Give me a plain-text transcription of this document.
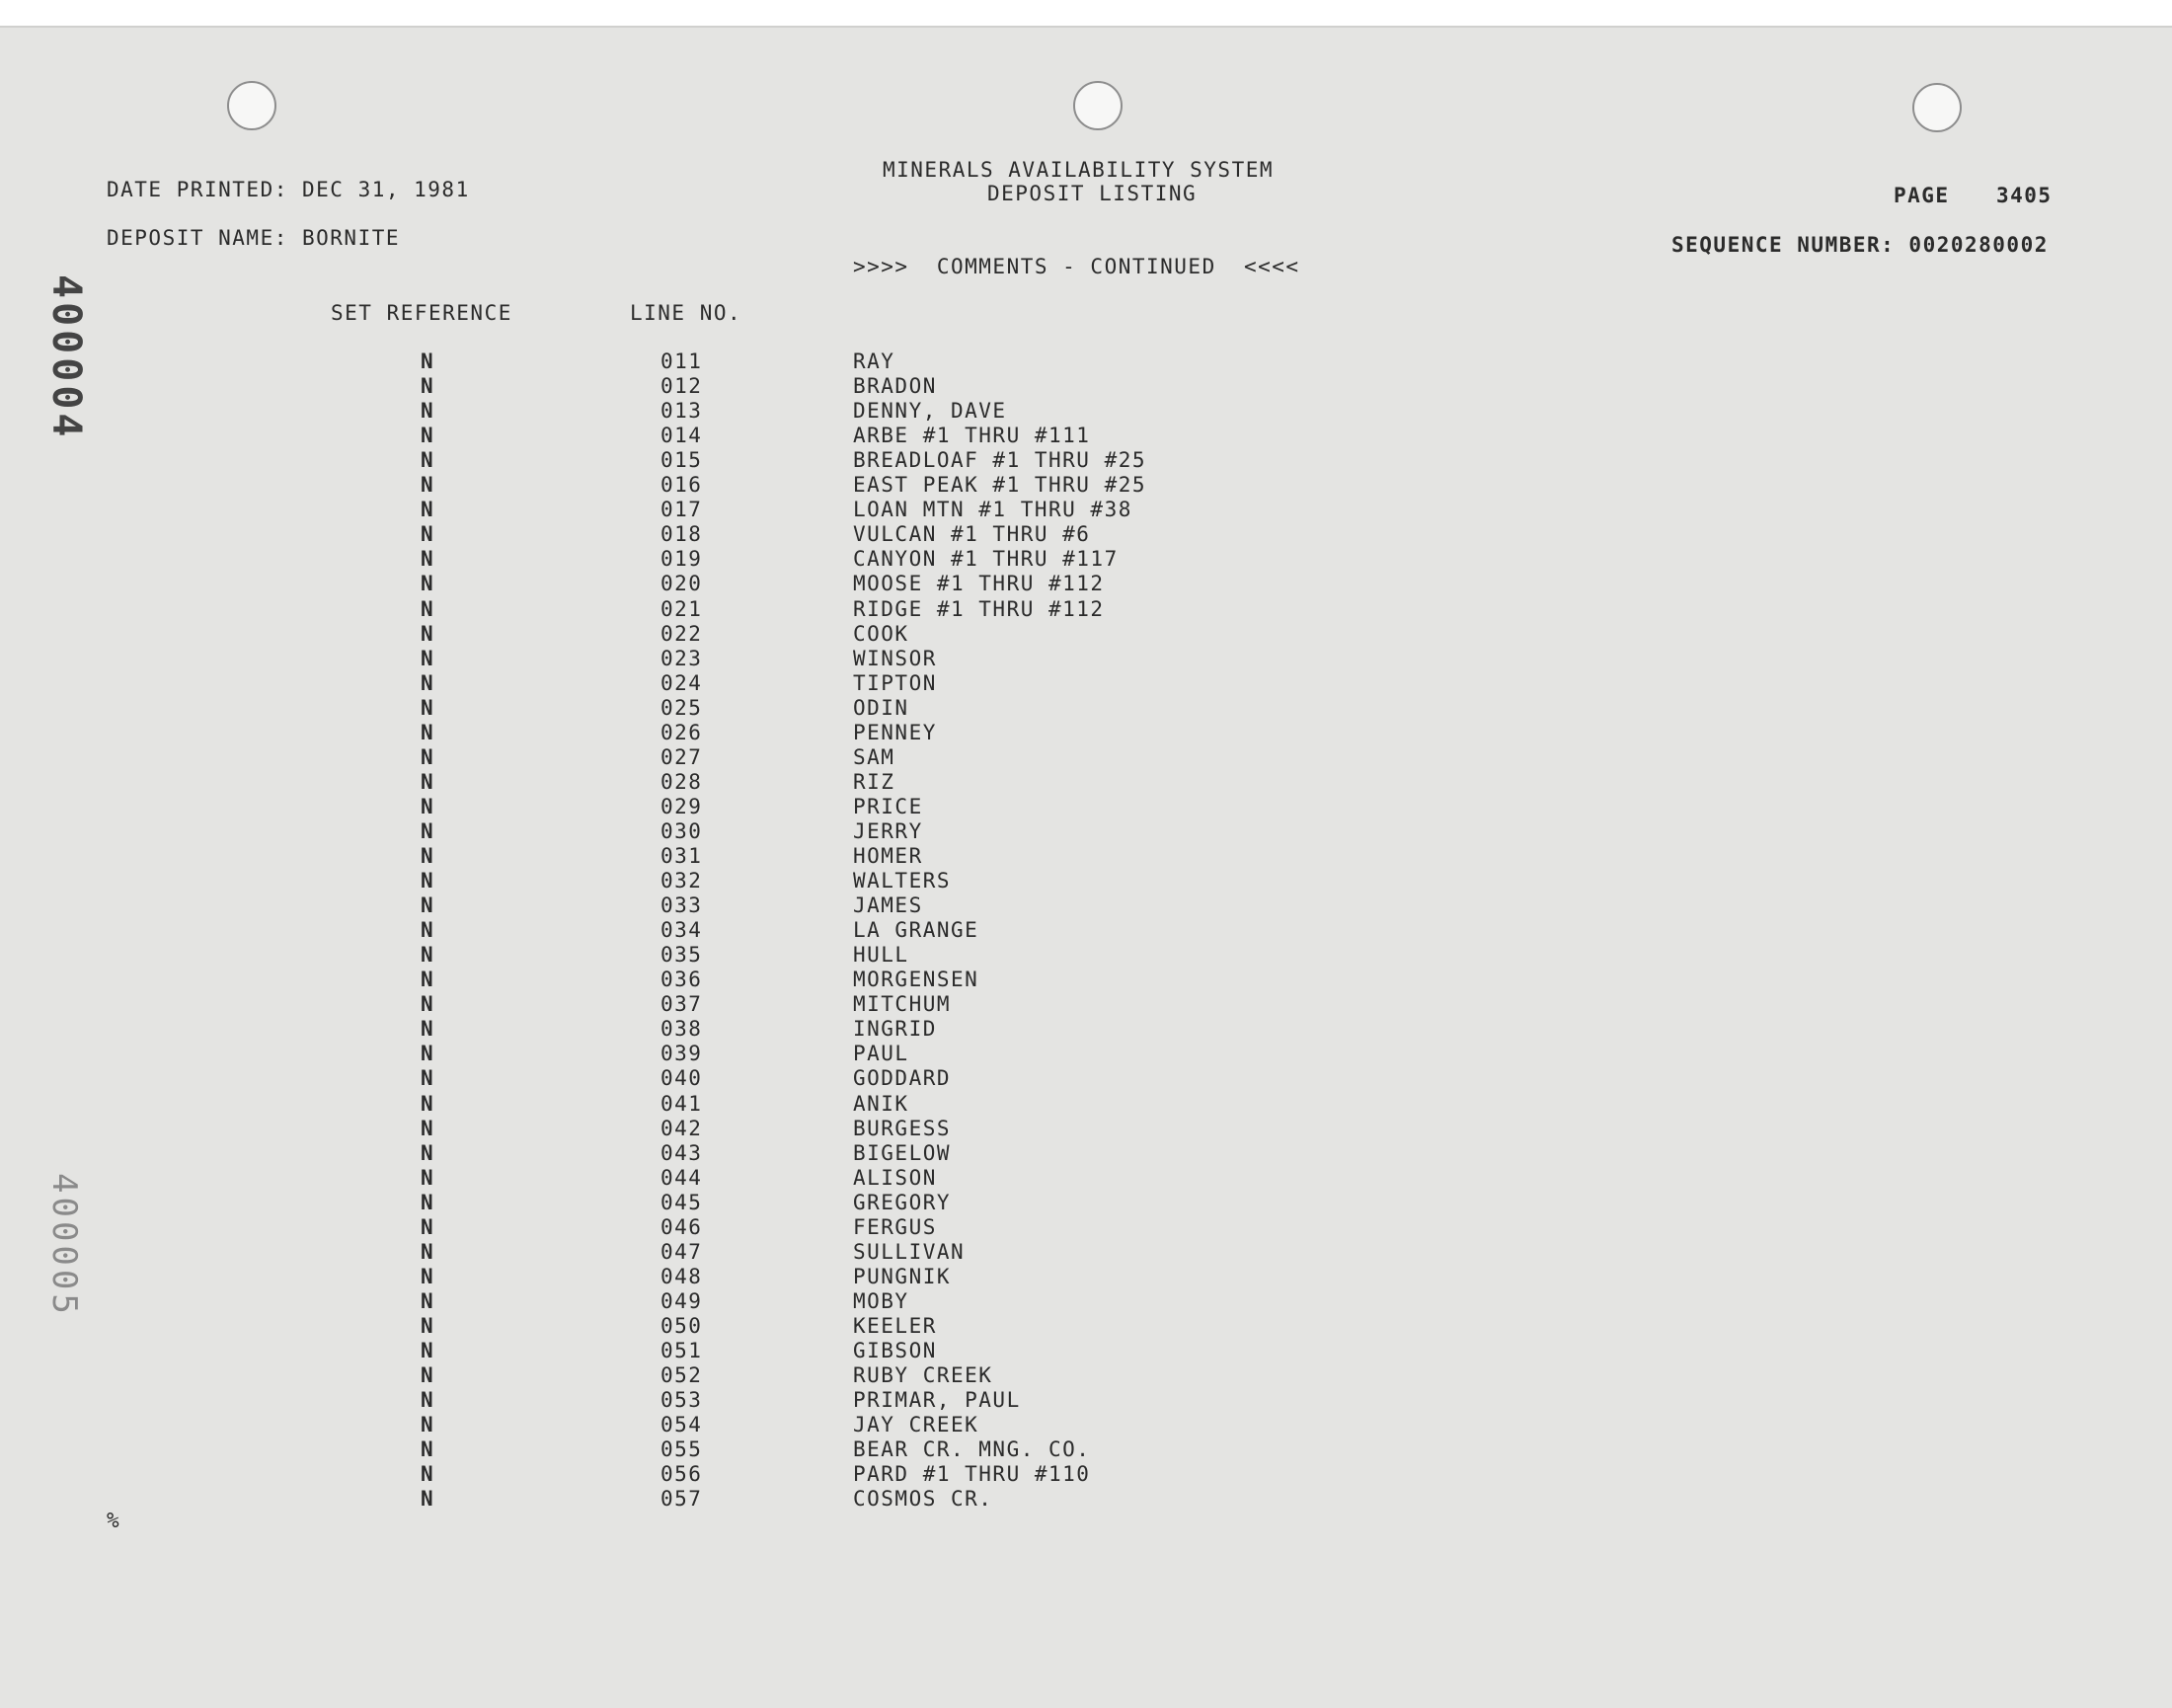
400004
400005
DATE PRINTED: DEC 31, 1981
MINERALS AVAILABILITY SYSTEM
DEPOSIT LISTING	PAGE 3405
DEPOSIT NAME: BORNITE	SEQUENCE NUMBER: 0020280002
>>>>  COMMENTS - CONTINUED  <<<<
SET REFERENCE	LINE NO.
N	011	RAY
N	012	BRADON
N	013	DENNY, DAVE
N	014	ARBE #1 THRU #111
N	015	BREADLOAF #1 THRU #25
N	016	EAST PEAK #1 THRU #25
N	017	LOAN MTN #1 THRU #38
N	018	VULCAN #1 THRU #6
N	019	CANYON #1 THRU #117
N	020	MOOSE #1 THRU #112
N	021	RIDGE #1 THRU #112
N	022	COOK
N	023	WINSOR
N	024	TIPTON
N	025	ODIN
N	026	PENNEY
N	027	SAM
N	028	RIZ
N	029	PRICE
N	030	JERRY
N	031	HOMER
N	032	WALTERS
N	033	JAMES
N	034	LA GRANGE
N	035	HULL
N	036	MORGENSEN
N	037	MITCHUM
N	038	INGRID
N	039	PAUL
N	040	GODDARD
N	041	ANIK
N	042	BURGESS
N	043	BIGELOW
N	044	ALISON
N	045	GREGORY
N	046	FERGUS
N	047	SULLIVAN
N	048	PUNGNIK
N	049	MOBY
N	050	KEELER
N	051	GIBSON
N	052	RUBY CREEK
N	053	PRIMAR, PAUL
N	054	JAY CREEK
N	055	BEAR CR. MNG. CO.
N	056	PARD #1 THRU #110
N	057	COSMOS CR.
%
